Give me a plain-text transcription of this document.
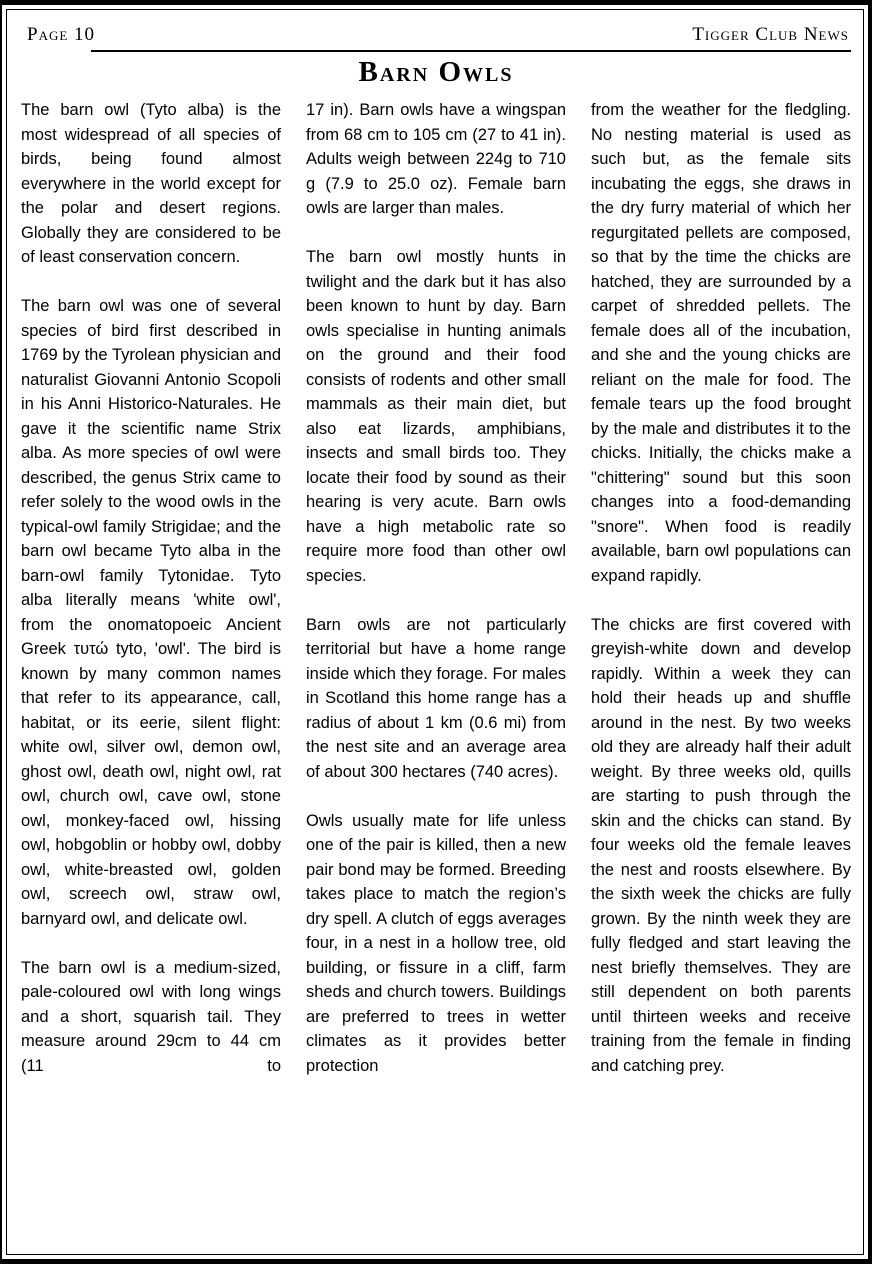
Page 10	Tigger Club News
Barn Owls

The barn owl (Tyto alba) is the most widespread of all species of birds, being found almost everywhere in the world except for the polar and desert regions. Globally they are considered to be of least conservation concern.

The barn owl was one of several species of bird first described in 1769 by the Tyrolean physician and naturalist Giovanni Antonio Scopoli in his Anni Historico-Naturales. He gave it the scientific name Strix alba. As more species of owl were described, the genus Strix came to refer solely to the wood owls in the typical-owl family Strigidae; and the barn owl became Tyto alba in the barn-owl family Tytonidae. Tyto alba literally means 'white owl', from the onomatopoeic Ancient Greek τυτώ tyto, 'owl'. The bird is known by many common names that refer to its appearance, call, habitat, or its eerie, silent flight: white owl, silver owl, demon owl, ghost owl, death owl, night owl, rat owl, church owl, cave owl, stone owl, monkey-faced owl, hissing owl, hobgoblin or hobby owl, dobby owl, white-breasted owl, golden owl, screech owl, straw owl, barnyard owl, and delicate owl.

The barn owl is a medium-sized, pale-coloured owl with long wings and a short, squarish tail. They measure around 29cm to 44 cm (11 to

17 in). Barn owls have a wingspan from 68 cm to 105 cm (27 to 41 in). Adults weigh between 224g to 710 g (7.9 to 25.0 oz). Female barn owls are larger than males.

The barn owl mostly hunts in twilight and the dark but it has also been known to hunt by day. Barn owls specialise in hunting animals on the ground and their food consists of rodents and other small mammals as their main diet, but also eat lizards, amphibians, insects and small birds too. They locate their food by sound as their hearing is very acute. Barn owls have a high metabolic rate so require more food than other owl species.

Barn owls are not particularly territorial but have a home range inside which they forage. For males in Scotland this home range has a radius of about 1 km (0.6 mi) from the nest site and an average area of about 300 hectares (740 acres).

Owls usually mate for life unless one of the pair is killed, then a new pair bond may be formed. Breeding takes place to match the region’s dry spell. A clutch of eggs averages four, in a nest in a hollow tree, old building, or fissure in a cliff, farm sheds and church towers. Buildings are preferred to trees in wetter climates as it provides better protection

from the weather for the fledgling. No nesting material is used as such but, as the female sits incubating the eggs, she draws in the dry furry material of which her regurgitated pellets are composed, so that by the time the chicks are hatched, they are surrounded by a carpet of shredded pellets. The female does all of the incubation, and she and the young chicks are reliant on the male for food. The female tears up the food brought by the male and distributes it to the chicks. Initially, the chicks make a "chittering" sound but this soon changes into a food-demanding "snore". When food is readily available, barn owl populations can expand rapidly.

The chicks are first covered with greyish-white down and develop rapidly. Within a week they can hold their heads up and shuffle around in the nest. By two weeks old they are already half their adult weight. By three weeks old, quills are starting to push through the skin and the chicks can stand. By four weeks old the female leaves the nest and roosts elsewhere. By the sixth week the chicks are fully grown. By the ninth week they are fully fledged and start leaving the nest briefly themselves. They are still dependent on both parents until thirteen weeks and receive training from the female in finding and catching prey.
